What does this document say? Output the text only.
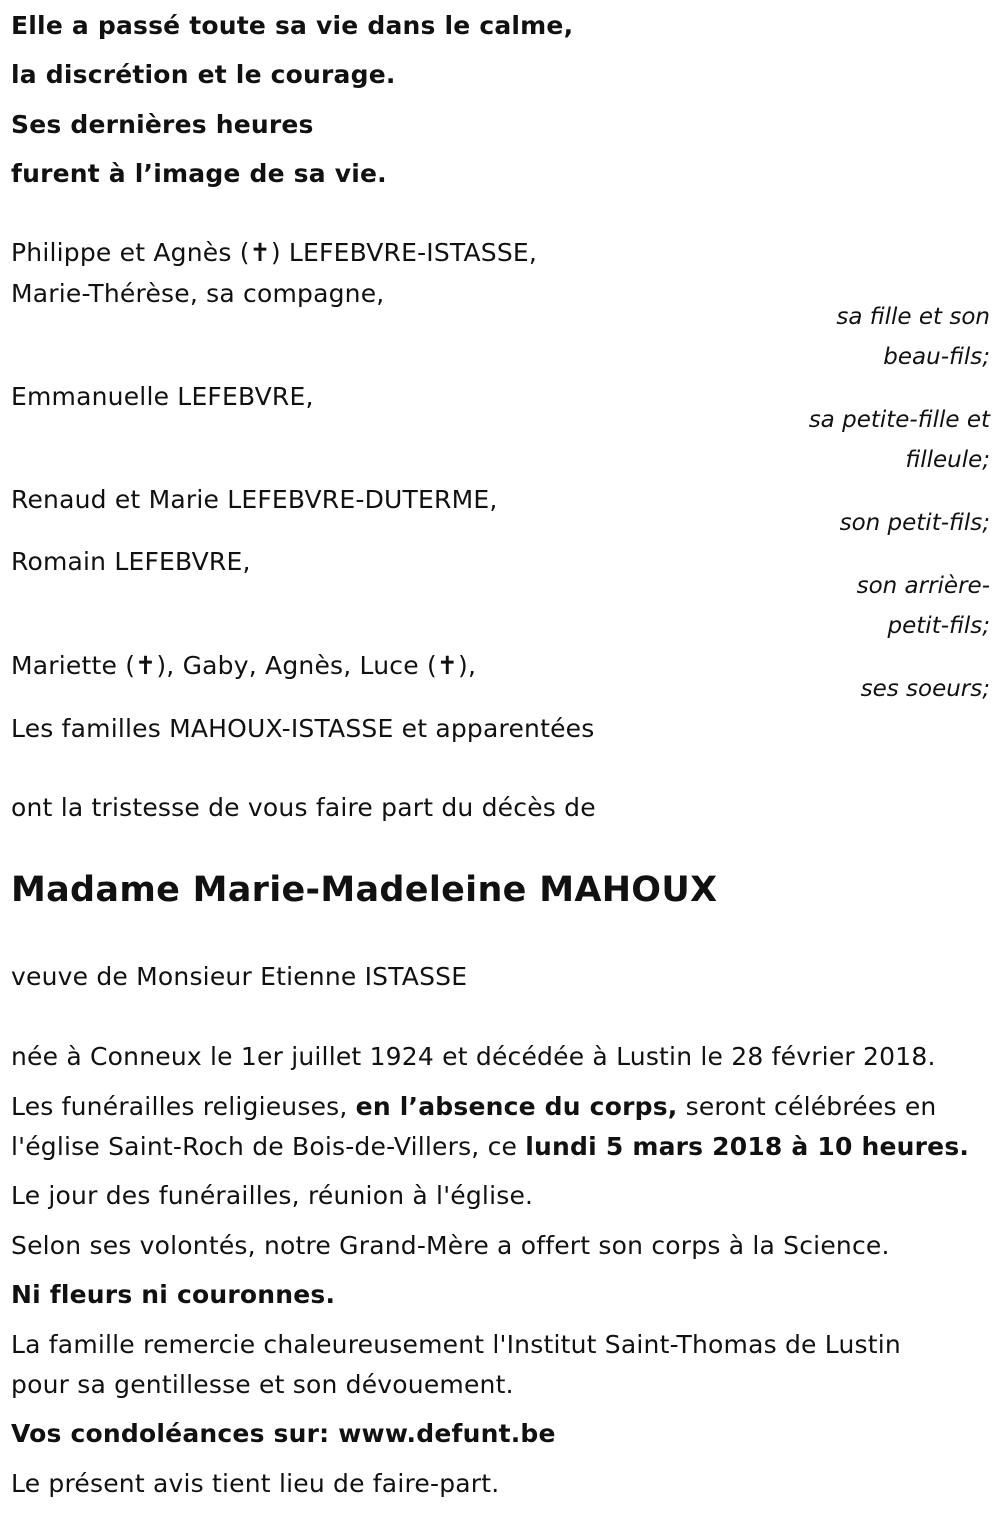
Elle a passé toute sa vie dans le calme,
la discrétion et le courage.
Ses dernières heures
furent à l’image de sa vie.
Philippe et Agnès (✝) LEFEBVRE-ISTASSE,
Marie-Thérèse, sa compagne,
sa fille et son
beau-fils;
Emmanuelle LEFEBVRE,
sa petite-fille et
filleule;
Renaud et Marie LEFEBVRE-DUTERME,
son petit-fils;
Romain LEFEBVRE,
son arrière-
petit-fils;
Mariette (✝), Gaby, Agnès, Luce (✝),
ses soeurs;
Les familles MAHOUX-ISTASSE et apparentées
ont la tristesse de vous faire part du décès de
Madame Marie-Madeleine MAHOUX
veuve de Monsieur Etienne ISTASSE
née à Conneux le 1er juillet 1924 et décédée à Lustin le 28 février 2018.
Les funérailles religieuses, en l’absence du corps, seront célébrées en
l'église Saint-Roch de Bois-de-Villers, ce lundi 5 mars 2018 à 10 heures.
Le jour des funérailles, réunion à l'église.
Selon ses volontés, notre Grand-Mère a offert son corps à la Science.
Ni fleurs ni couronnes.
La famille remercie chaleureusement l'Institut Saint-Thomas de Lustin
pour sa gentillesse et son dévouement.
Vos condoléances sur: www.defunt.be
Le présent avis tient lieu de faire-part.
